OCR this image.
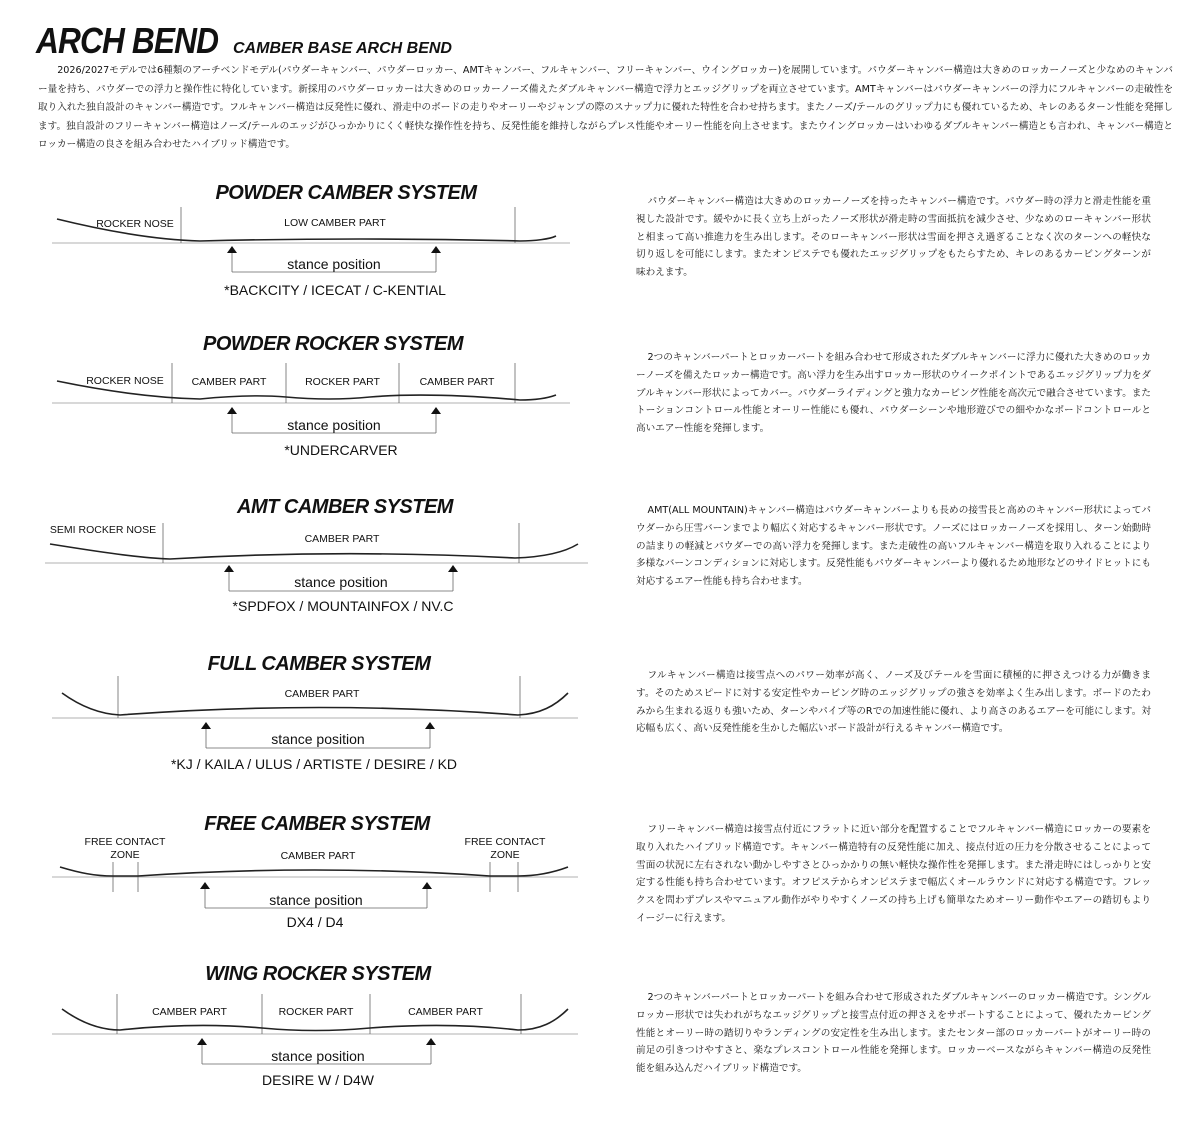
ARCH BEND CAMBER BASE ARCH BEND
2026/2027モデルでは6種類のアーチベンドモデル(パウダーキャンバー、パウダーロッカー、AMTキャンバー、フルキャンバー、フリーキャンバー、ウイングロッカー)を展開しています。パウダーキャンバー構造は大きめのロッカーノーズと少なめのキャンバー量を持ち、パウダーでの浮力と操作性に特化しています。新採用のパウダーロッカーは大きめのロッカーノーズ備えたダブルキャンバー構造で浮力とエッジグリップを両立させています。AMTキャンバーはパウダーキャンバーの浮力にフルキャンバーの走破性を取り入れた独自設計のキャンバー構造です。フルキャンバー構造は反発性に優れ、滑走中のボードの走りやオーリーやジャンプの際のスナップ力に優れた特性を合わせ持ちます。またノーズ/テールのグリップ力にも優れているため、キレのあるターン性能を発揮します。独自設計のフリーキャンバー構造はノーズ/テールのエッジがひっかかりにくく軽快な操作性を持ち、反発性能を維持しながらプレス性能やオーリー性能を向上させます。またウイングロッカーはいわゆるダブルキャンバー構造とも言われ、キャンバー構造とロッカー構造の良さを組み合わせたハイブリッド構造です。
POWDER CAMBER SYSTEM
ROCKER NOSE	LOW CAMBER PART
stance position
*BACKCITY / ICECAT / C-KENTIAL
パウダーキャンバー構造は大きめのロッカーノーズを持ったキャンバー構造です。パウダー時の浮力と滑走性能を重視した設計です。緩やかに長く立ち上がったノーズ形状が滑走時の雪面抵抗を減少させ、少なめのローキャンバー形状と相まって高い推進力を生み出します。そのローキャンバー形状は雪面を押さえ過ぎることなく次のターンへの軽快な切り返しを可能にします。またオンピステでも優れたエッジグリップをもたらすため、キレのあるカービングターンが味わえます。
POWDER ROCKER SYSTEM
ROCKER NOSE	CAMBER PART	ROCKER PART	CAMBER PART
stance position
*UNDERCARVER
2つのキャンバーパートとロッカーパートを組み合わせて形成されたダブルキャンバーに浮力に優れた大きめのロッカーノーズを備えたロッカー構造です。高い浮力を生み出すロッカー形状のウイークポイントであるエッジグリップ力をダブルキャンバー形状によってカバー。パウダーライディングと強力なカービング性能を高次元で融合させています。またトーションコントロール性能とオーリー性能にも優れ、パウダーシーンや地形遊びでの細やかなボードコントロールと高いエアー性能を発揮します。
AMT CAMBER SYSTEM
SEMI ROCKER NOSE
CAMBER PART
stance position
*SPDFOX / MOUNTAINFOX / NV.C
AMT(ALL MOUNTAIN)キャンバー構造はパウダーキャンバーよりも長めの接雪長と高めのキャンバー形状によってパウダーから圧雪バーンまでより幅広く対応するキャンバー形状です。ノーズにはロッカーノーズを採用し、ターン始動時の詰まりの軽減とパウダーでの高い浮力を発揮します。また走破性の高いフルキャンバー構造を取り入れることにより多様なバーンコンディションに対応します。反発性能もパウダーキャンバーより優れるため地形などのサイドヒットにも対応するエアー性能も持ち合わせます。
FULL CAMBER SYSTEM
CAMBER PART
stance position
*KJ / KAILA / ULUS / ARTISTE / DESIRE / KD
フルキャンバー構造は接雪点へのパワー効率が高く、ノーズ及びテールを雪面に積極的に押さえつける力が働きます。そのためスピードに対する安定性やカービング時のエッジグリップの強さを効率よく生み出します。ボードのたわみから生まれる返りも強いため、ターンやパイプ等のRでの加速性能に優れ、より高さのあるエアーを可能にします。対応幅も広く、高い反発性能を生かした幅広いボード設計が行えるキャンバー構造です。
FREE CAMBER SYSTEM
FREE CONTACT
ZONE	CAMBER PART
FREE CONTACT
ZONE
stance position
DX4 / D4
フリーキャンバー構造は接雪点付近にフラットに近い部分を配置することでフルキャンバー構造にロッカーの要素を取り入れたハイブリッド構造です。キャンバー構造特有の反発性能に加え、接点付近の圧力を分散させることによって雪面の状況に左右されない動かしやすさとひっかかりの無い軽快な操作性を発揮します。また滑走時にはしっかりと安定する性能も持ち合わせています。オフピステからオンピステまで幅広くオールラウンドに対応する構造です。フレックスを問わずプレスやマニュアル動作がやりやすくノーズの持ち上げも簡単なためオーリー動作やエアーの踏切もよりイージーに行えます。
WING ROCKER SYSTEM
CAMBER PART	ROCKER PART	CAMBER PART
stance position
DESIRE W / D4W
2つのキャンバーパートとロッカーパートを組み合わせて形成されたダブルキャンバーのロッカー構造です。シングルロッカー形状では失われがちなエッジグリップと接雪点付近の押さえをサポートすることによって、優れたカービング性能とオーリー時の踏切りやランディングの安定性を生み出します。またセンター部のロッカーパートがオーリー時の前足の引きつけやすさと、楽なプレスコントロール性能を発揮します。ロッカーベースながらキャンバー構造の反発性能を組み込んだハイブリッド構造です。
